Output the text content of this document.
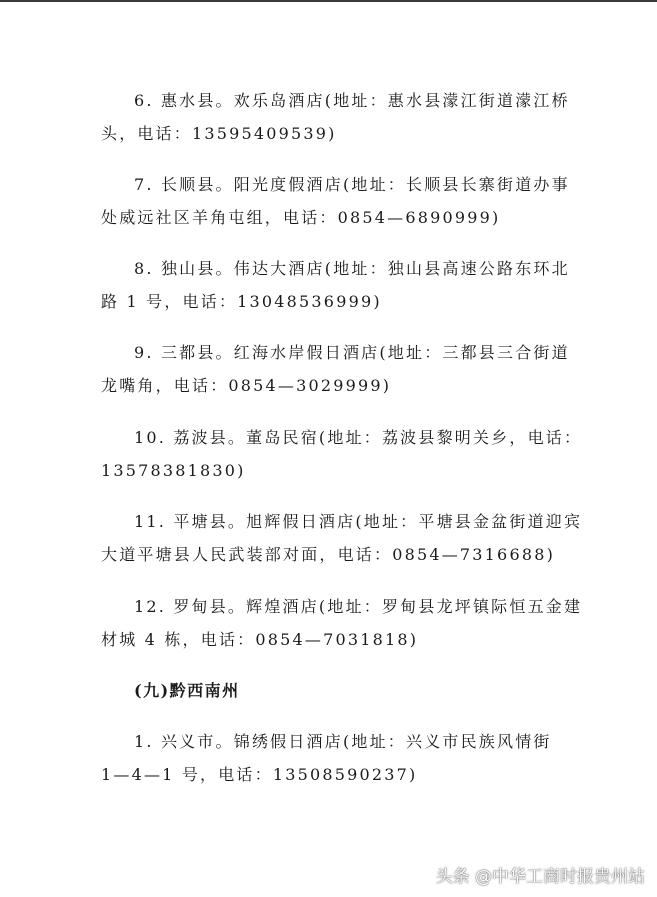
6. 惠水县。欢乐岛酒店(地址：惠水县濛江街道濛江桥
头，电话：13595409539)
7. 长顺县。阳光度假酒店(地址：长顺县长寨街道办事
处威远社区羊角屯组，电话：0854—6890999)
8. 独山县。伟达大酒店(地址：独山县高速公路东环北
路 1 号，电话：13048536999)
9. 三都县。红海水岸假日酒店(地址：三都县三合街道
龙嘴角，电话：0854—3029999)
10. 荔波县。董岛民宿(地址：荔波县黎明关乡，电话：
13578381830)
11. 平塘县。旭辉假日酒店(地址：平塘县金盆街道迎宾
大道平塘县人民武装部对面，电话：0854—7316688)
12. 罗甸县。辉煌酒店(地址：罗甸县龙坪镇际恒五金建
材城 4 栋，电话：0854—7031818)
(九)黔西南州
1. 兴义市。锦绣假日酒店(地址：兴义市民族风情街
1—4—1 号，电话：13508590237)
头条 @中华工商时报贵州站
